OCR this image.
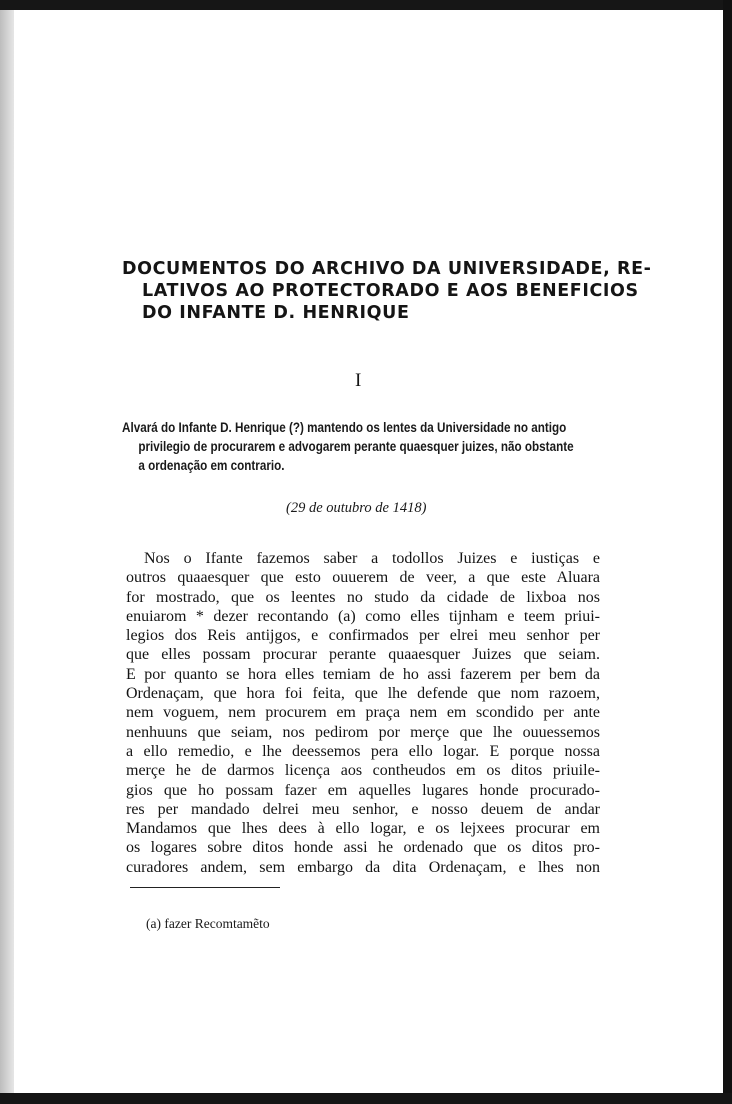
DOCUMENTOS DO ARCHIVO DA UNIVERSIDADE, RE-
LATIVOS AO PROTECTORADO E AOS BENEFICIOS
DO INFANTE D. HENRIQUE
I
Alvará do Infante D. Henrique (?) mantendo os lentes da Universidade no antigo
privilegio de procurarem e advogarem perante quaesquer juizes, não obstante
a ordenação em contrario.
(29 de outubro de 1418)
Nos o Ifante fazemos saber a todollos Juizes e iustiças e
outros quaaesquer que esto ouuerem de veer, a que este Aluara
for mostrado, que os leentes no studo da cidade de lixboa nos
enuiarom * dezer recontando (a) como elles tijnham e teem priui-
legios dos Reis antijgos, e confirmados per elrei meu senhor per
que elles possam procurar perante quaaesquer Juizes que seiam.
E por quanto se hora elles temiam de ho assi fazerem per bem da
Ordenaçam, que hora foi feita, que lhe defende que nom razoem,
nem voguem, nem procurem em praça nem em scondido per ante
nenhuuns que seiam, nos pedirom por merçe que lhe ouuessemos
a ello remedio, e lhe deessemos pera ello logar. E porque nossa
merçe he de darmos licença aos contheudos em os ditos priuile-
gios que ho possam fazer em aquelles lugares honde procurado-
res per mandado delrei meu senhor, e nosso deuem de andar
Mandamos que lhes dees à ello logar, e os lejxees procurar em
os logares sobre ditos honde assi he ordenado que os ditos pro-
curadores andem, sem embargo da dita Ordenaçam, e lhes non
(a) fazer Recomtamẽto
